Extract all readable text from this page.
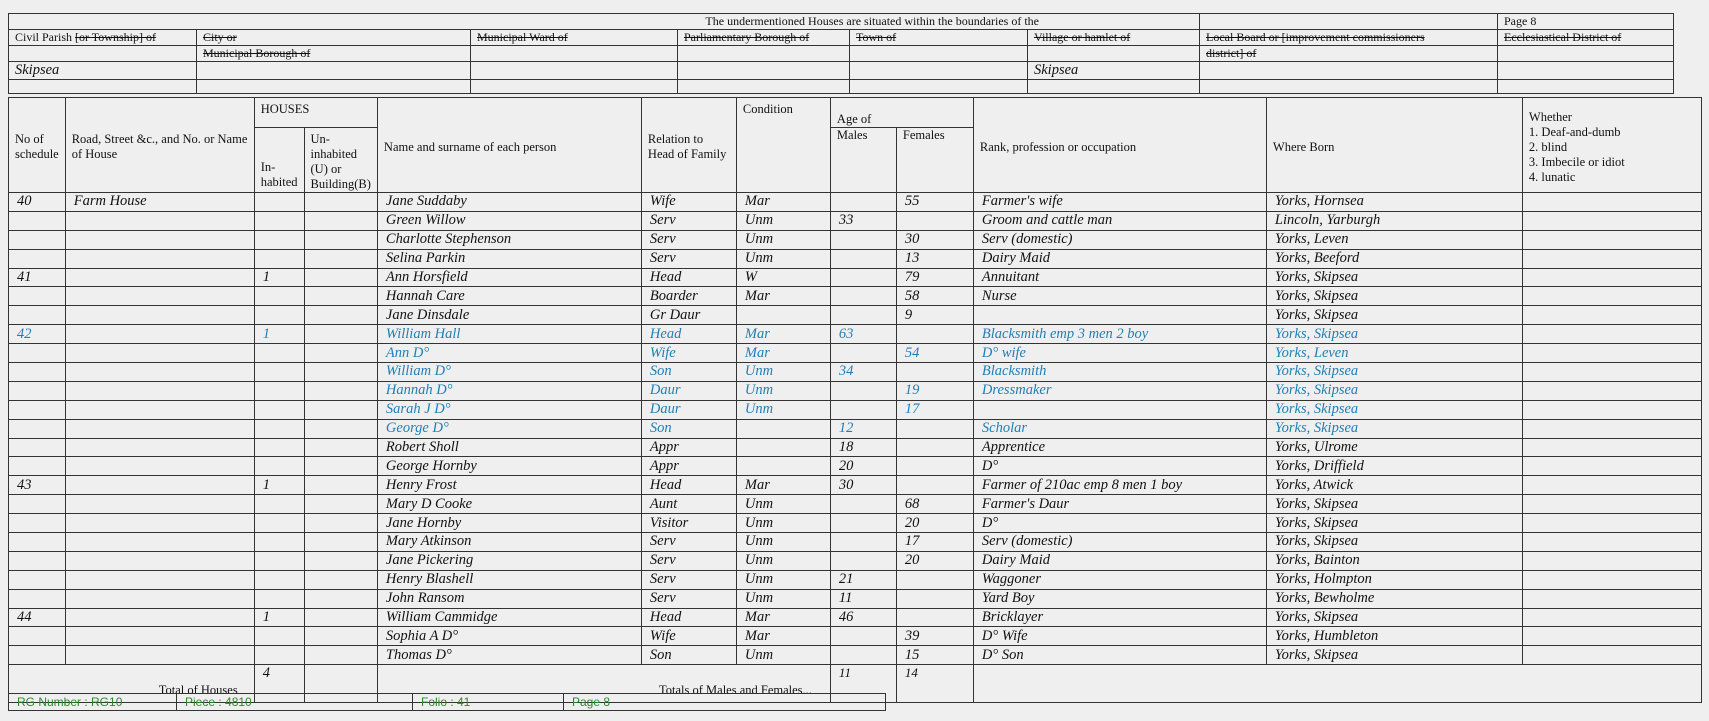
The undermentioned Houses are situated within the boundaries of the							Page 8
Civil Parish [or Township] of	City or	Municipal Ward of	Parliamentary Borough of	Town of	Village or hamlet of	Local Board or [improvement commissioners	Ecclesiastical District of
	Municipal Borough of					district] of	
Skipsea					Skipsea		

No of schedule	Road, Street &c., and No. or Name of House	HOUSES		Name and surname of each person	Relation to Head of Family	Condition	Age of		Rank, profession or occupation	Where Born	Whether
1. Deaf-and-dumb
2. blind
3. Imbecile or idiot
4. lunatic

		In- habited	Un- inhabited (U) or Building(B)				Males	Females			
40	Farm House			Jane Suddaby	Wife	Mar		55	Farmer's wife	Yorks, Hornsea	
				Green Willow	Serv	Unm	33		Groom and cattle man	Lincoln, Yarburgh	
				Charlotte Stephenson	Serv	Unm		30	Serv (domestic)	Yorks, Leven	
				Selina Parkin	Serv	Unm		13	Dairy Maid	Yorks, Beeford	
41		1		Ann Horsfield	Head	W		79	Annuitant	Yorks, Skipsea	
				Hannah Care	Boarder	Mar		58	Nurse	Yorks, Skipsea	
				Jane Dinsdale	Gr Daur			9		Yorks, Skipsea	
42		1		William Hall	Head	Mar	63		Blacksmith emp 3 men 2 boy	Yorks, Skipsea	
				Ann D°	Wife	Mar		54	D° wife	Yorks, Leven	
				William D°	Son	Unm	34		Blacksmith	Yorks, Skipsea	
				Hannah D°	Daur	Unm		19	Dressmaker	Yorks, Skipsea	
				Sarah J D°	Daur	Unm		17		Yorks, Skipsea	
				George D°	Son		12		Scholar	Yorks, Skipsea	
				Robert Sholl	Appr		18		Apprentice	Yorks, Ulrome	
				George Hornby	Appr		20		D°	Yorks, Driffield	
43		1		Henry Frost	Head	Mar	30		Farmer of 210ac emp 8 men 1 boy	Yorks, Atwick	
				Mary D Cooke	Aunt	Unm		68	Farmer's Daur	Yorks, Skipsea	
				Jane Hornby	Visitor	Unm		20	D°	Yorks, Skipsea	
				Mary Atkinson	Serv	Unm		17	Serv (domestic)	Yorks, Skipsea	
				Jane Pickering	Serv	Unm		20	Dairy Maid	Yorks, Bainton	
				Henry Blashell	Serv	Unm	21		Waggoner	Yorks, Holmpton	
				John Ransom	Serv	Unm	11		Yard Boy	Yorks, Bewholme	
44		1		William Cammidge	Head	Mar	46		Bricklayer	Yorks, Skipsea	
				Sophia A D°	Wife	Mar		39	D° Wife	Yorks, Humbleton	
				Thomas D°	Son	Unm		15	D° Son	Yorks, Skipsea	
Total of Houses		4		Totals of Males and Females...			11	14			
RG Number : RG10	Piece : 4810	Folio : 41	Page 8
